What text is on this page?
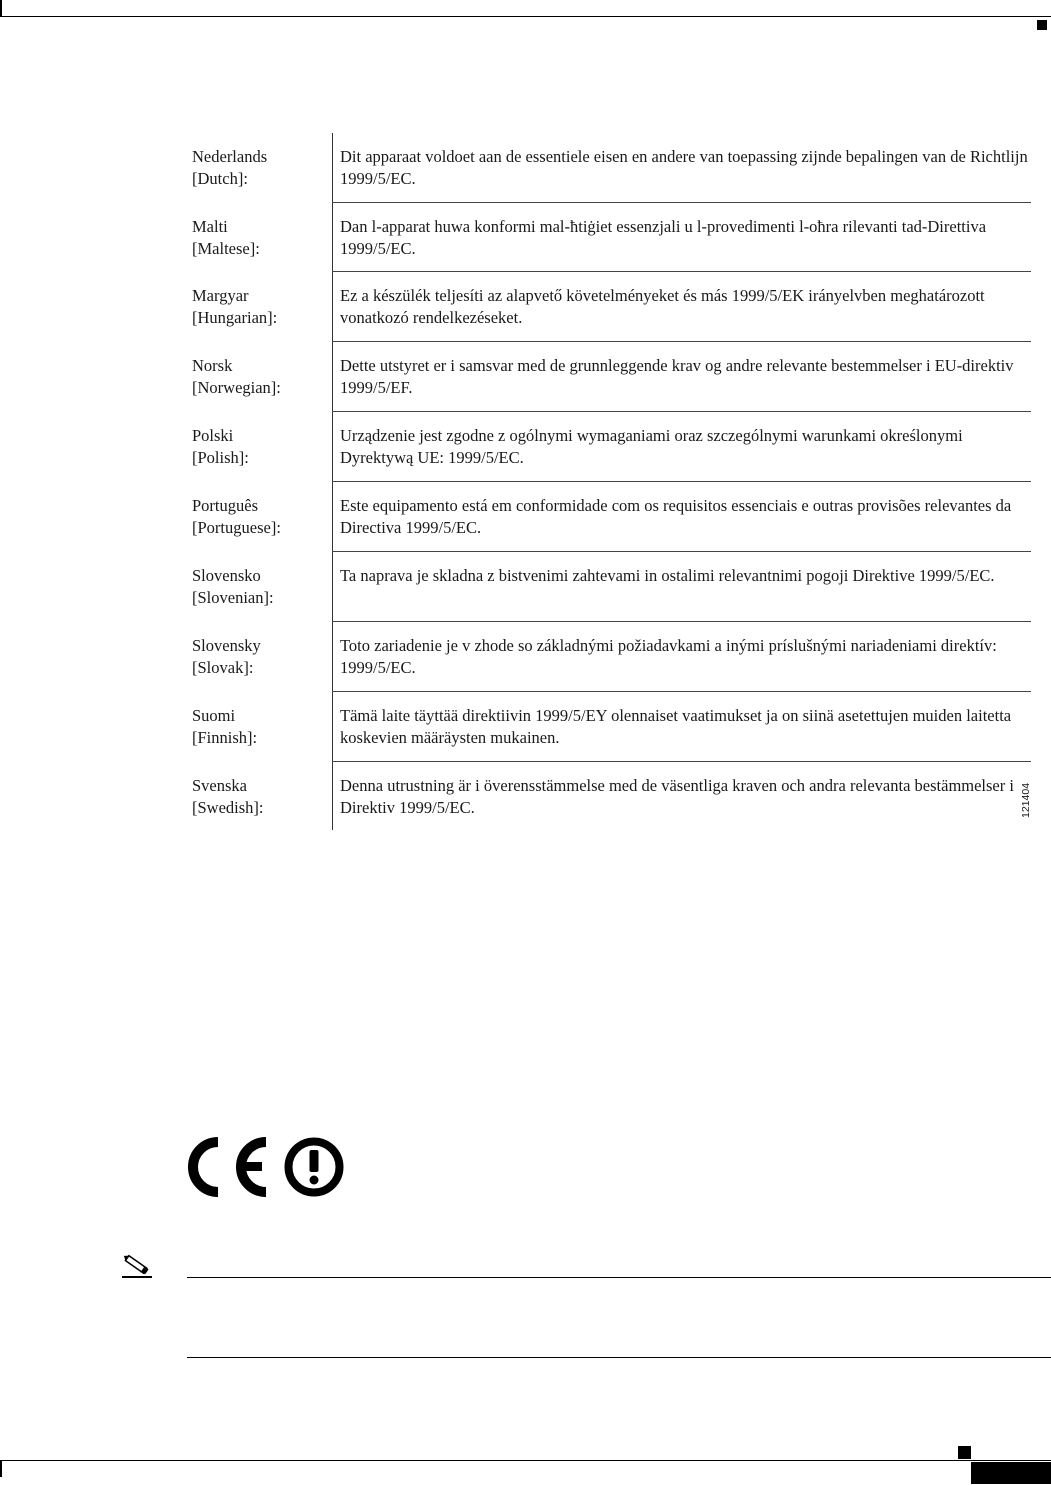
Nederlands
[Dutch]:
Dit apparaat voldoet aan de essentiele eisen en andere van toepassing zijnde bepalingen van de Richtlijn 1999/5/EC.
Malti
[Maltese]:
Dan l-apparat huwa konformi mal-ħtiġiet essenzjali u l-provedimenti l-oħra rilevanti tad-Direttiva 1999/5/EC.
Margyar
[Hungarian]:
Ez a készülék teljesíti az alapvető követelményeket és más 1999/5/EK irányelvben meghatározott vonatkozó rendelkezéseket.
Norsk
[Norwegian]:
Dette utstyret er i samsvar med de grunnleggende krav og andre relevante bestemmelser i EU-direktiv 1999/5/EF.
Polski
[Polish]:
Urządzenie jest zgodne z ogólnymi wymaganiami oraz szczególnymi warunkami określonymi Dyrektywą UE: 1999/5/EC.
Português
[Portuguese]:
Este equipamento está em conformidade com os requisitos essenciais e outras provisões relevantes da Directiva 1999/5/EC.
Slovensko
[Slovenian]:
Ta naprava je skladna z bistvenimi zahtevami in ostalimi relevantnimi pogoji Direktive 1999/5/EC.
Slovensky
[Slovak]:
Toto zariadenie je v zhode so základnými požiadavkami a inými príslušnými nariadeniami direktív: 1999/5/EC.
Suomi
[Finnish]:
Tämä laite täyttää direktiivin 1999/5/EY olennaiset vaatimukset ja on siinä asetettujen muiden laitetta koskevien määräysten mukainen.
Svenska
[Swedish]:
Denna utrustning är i överensstämmelse med de väsentliga kraven och andra relevanta bestämmelser i Direktiv 1999/5/EC.	121404
